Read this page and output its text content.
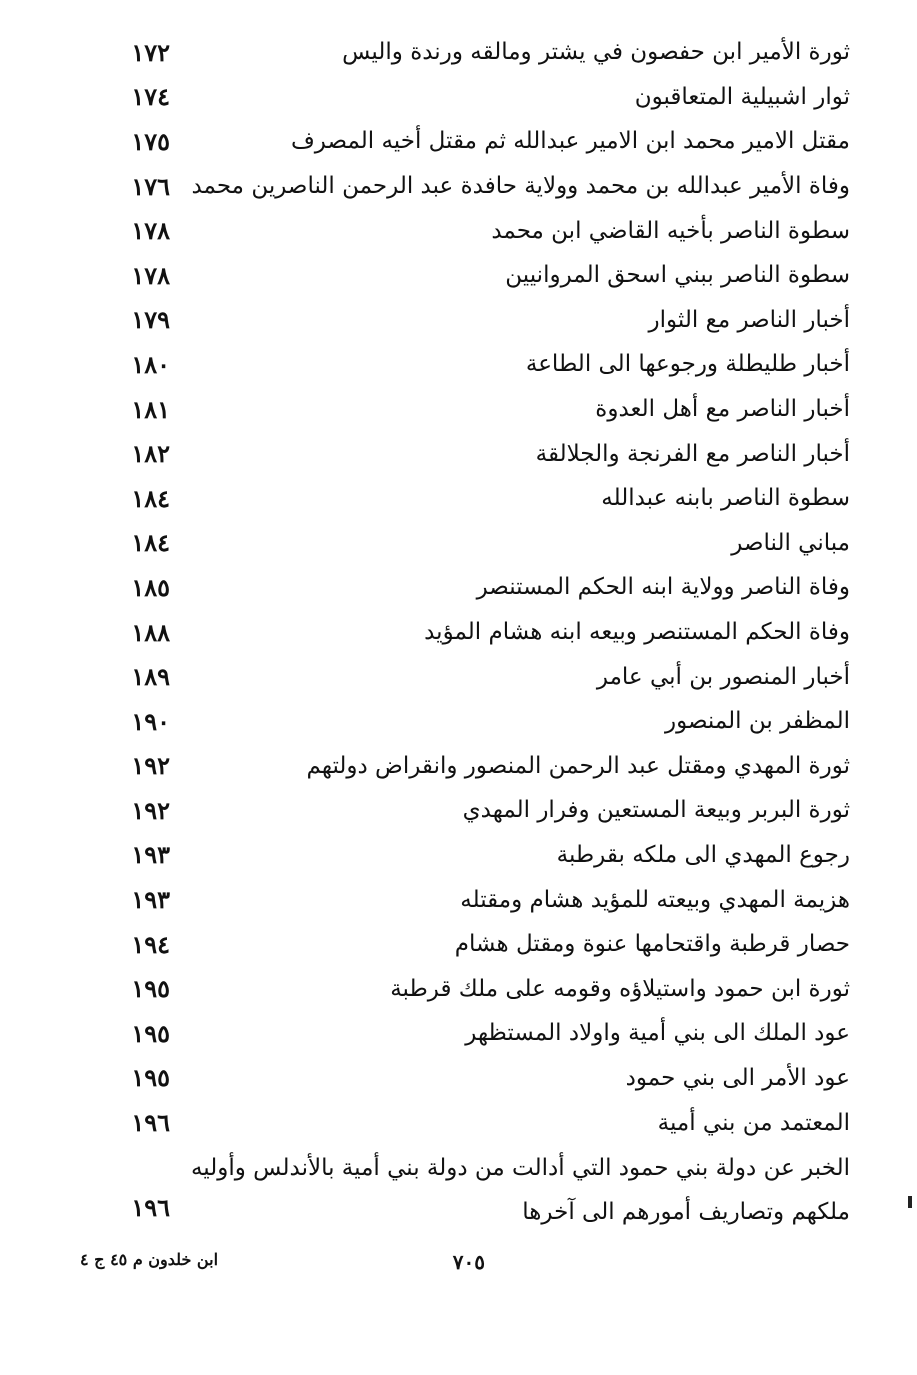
ثورة الأمير ابن حفصون في يشتر ومالقه ورندة واليس
١٧٢
ثوار اشبيلية المتعاقبون
١٧٤
مقتل الامير محمد ابن الامير عبدالله ثم مقتل أخيه المصرف
١٧٥
وفاة الأمير عبدالله بن محمد وولاية حافدة عبد الرحمن الناصرين محمد
١٧٦
سطوة الناصر بأخيه القاضي ابن محمد
١٧٨
سطوة الناصر ببني اسحق المروانيين
١٧٨
أخبار الناصر مع الثوار
١٧٩
أخبار طليطلة ورجوعها الى الطاعة
١٨٠
أخبار الناصر مع أهل العدوة
١٨١
أخبار الناصر مع الفرنجة والجلالقة
١٨٢
سطوة الناصر بابنه عبدالله
١٨٤
مباني الناصر
١٨٤
وفاة الناصر وولاية ابنه الحكم المستنصر
١٨٥
وفاة الحكم المستنصر وبيعه ابنه هشام المؤيد
١٨٨
أخبار المنصور بن أبي عامر
١٨٩
المظفر بن المنصور
١٩٠
ثورة المهدي ومقتل عبد الرحمن المنصور وانقراض دولتهم
١٩٢
ثورة البربر وبيعة المستعين وفرار المهدي
١٩٢
رجوع المهدي الى ملكه بقرطبة
١٩٣
هزيمة المهدي وبيعته للمؤيد هشام ومقتله
١٩٣
حصار قرطبة واقتحامها عنوة ومقتل هشام
١٩٤
ثورة ابن حمود واستيلاؤه وقومه على ملك قرطبة
١٩٥
عود الملك الى بني أمية واولاد المستظهر
١٩٥
عود الأمر الى بني حمود
١٩٥
المعتمد من بني أمية
١٩٦
الخبر عن دولة بني حمود التي أدالت من دولة بني أمية بالأندلس وأوليه
ملكهم وتصاريف أمورهم الى آخرها
١٩٦
٧٠٥
ابن خلدون م ٤٥ ج ٤
